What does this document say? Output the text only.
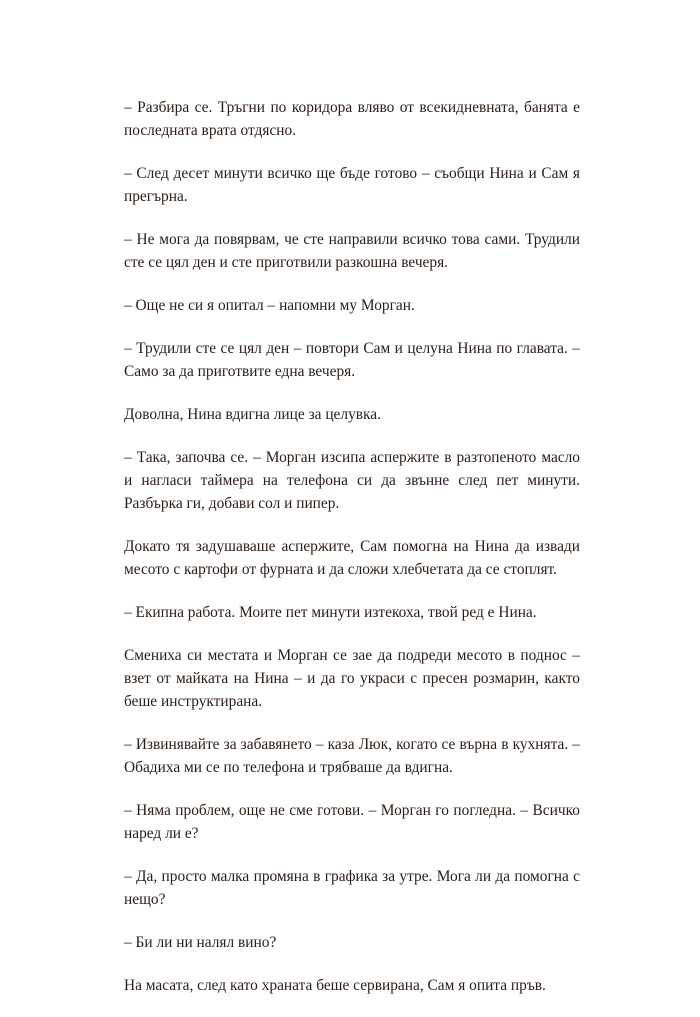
– Разбира се. Тръгни по коридора вляво от всекидневната, банята е последната врата отдясно.

– След десет минути всичко ще бъде готово – съобщи Нина и Сам я прегърна.

– Не мога да повярвам, че сте направили всичко това сами. Трудили сте се цял ден и сте приготвили разкошна вечеря.

– Още не си я опитал – напомни му Морган.

– Трудили сте се цял ден – повтори Сам и целуна Нина по главата. – Само за да приготвите една вечеря.

Доволна, Нина вдигна лице за целувка.

– Така, започва се. – Морган изсипа аспержите в разтопеното масло и нагласи таймера на телефона си да звънне след пет минути. Разбърка ги, добави сол и пипер.

Докато тя задушаваше аспержите, Сам помогна на Нина да извади месото с картофи от фурната и да сложи хлебчетата да се стоплят.

– Екипна работа. Моите пет минути изтекоха, твой ред е Нина.

Смениха си местата и Морган се зае да подреди месото в поднос – взет от майката на Нина – и да го украси с пресен розмарин, както беше инструктирана.

– Извинявайте за забавянето – каза Люк, когато се върна в кухнята. – Обадиха ми се по телефона и трябваше да вдигна.

– Няма проблем, още не сме готови. – Морган го погледна. – Всичко наред ли е?

– Да, просто малка промяна в графика за утре. Мога ли да помогна с нещо?

– Би ли ни налял вино?

На масата, след като храната беше сервирана, Сам я опита пръв.
